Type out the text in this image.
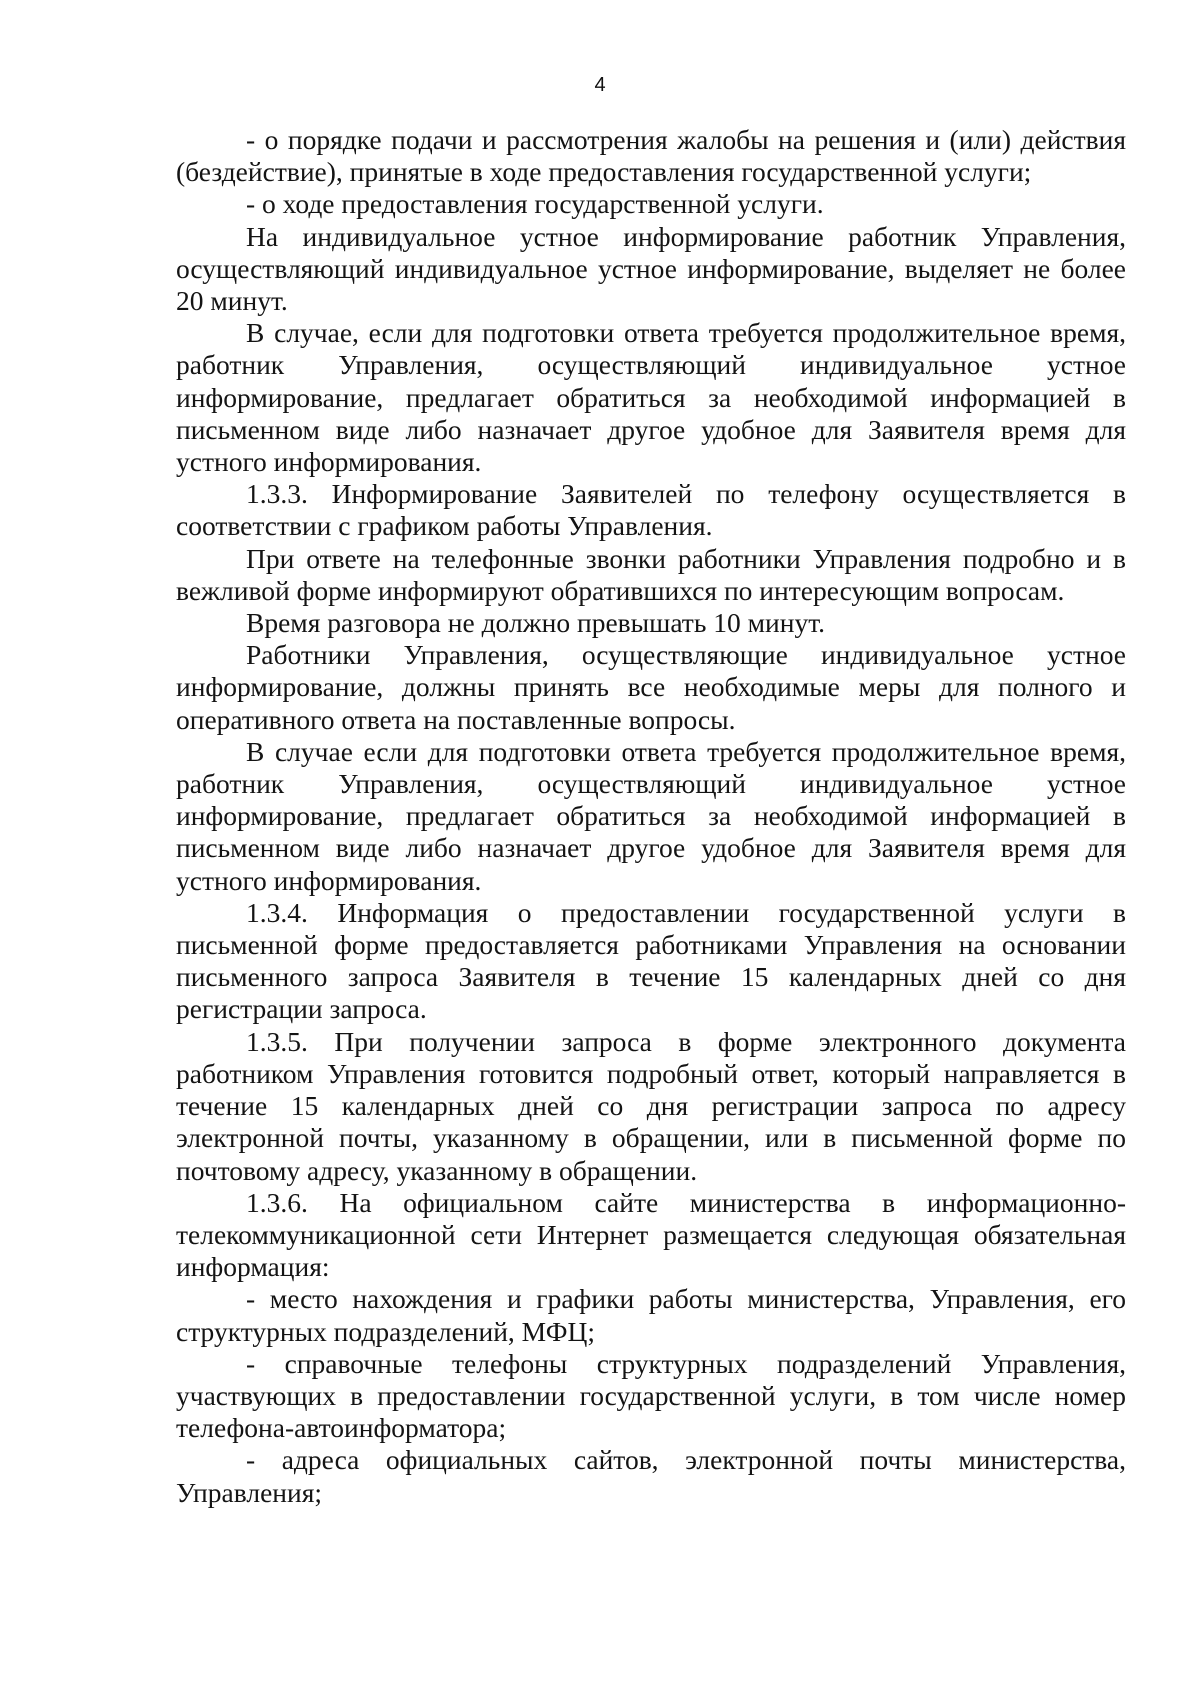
4

- о порядке подачи и рассмотрения жалобы на решения и (или) действия (бездействие), принятые в ходе предоставления государственной услуги;

- о ходе предоставления государственной услуги.

На индивидуальное устное информирование работник Управления, осуществляющий индивидуальное устное информирование, выделяет не более 20 минут.

В случае, если для подготовки ответа требуется продолжительное время, работник Управления, осуществляющий индивидуальное устное информирование, предлагает обратиться за необходимой информацией в письменном виде либо назначает другое удобное для Заявителя время для устного информирования.

1.3.3. Информирование Заявителей по телефону осуществляется в соответствии с графиком работы Управления.

При ответе на телефонные звонки работники Управления подробно и в вежливой форме информируют обратившихся по интересующим вопросам.

Время разговора не должно превышать 10 минут.

Работники Управления, осуществляющие индивидуальное устное информирование, должны принять все необходимые меры для полного и оперативного ответа на поставленные вопросы.

В случае если для подготовки ответа требуется продолжительное время, работник Управления, осуществляющий индивидуальное устное информирование, предлагает обратиться за необходимой информацией в письменном виде либо назначает другое удобное для Заявителя время для устного информирования.

1.3.4. Информация о предоставлении государственной услуги в письменной форме предоставляется работниками Управления на основании письменного запроса Заявителя в течение 15 календарных дней со дня регистрации запроса.

1.3.5. При получении запроса в форме электронного документа работником Управления готовится подробный ответ, который направляется в течение 15 календарных дней со дня регистрации запроса по адресу электронной почты, указанному в обращении, или в письменной форме по почтовому адресу, указанному в обращении.

1.3.6. На официальном сайте министерства в информационно-телекоммуникационной сети Интернет размещается следующая обязательная информация:

- место нахождения и графики работы министерства, Управления, его структурных подразделений, МФЦ;

- справочные телефоны структурных подразделений Управления, участвующих в предоставлении государственной услуги, в том числе номер телефона-автоинформатора;

- адреса официальных сайтов, электронной почты министерства, Управления;
